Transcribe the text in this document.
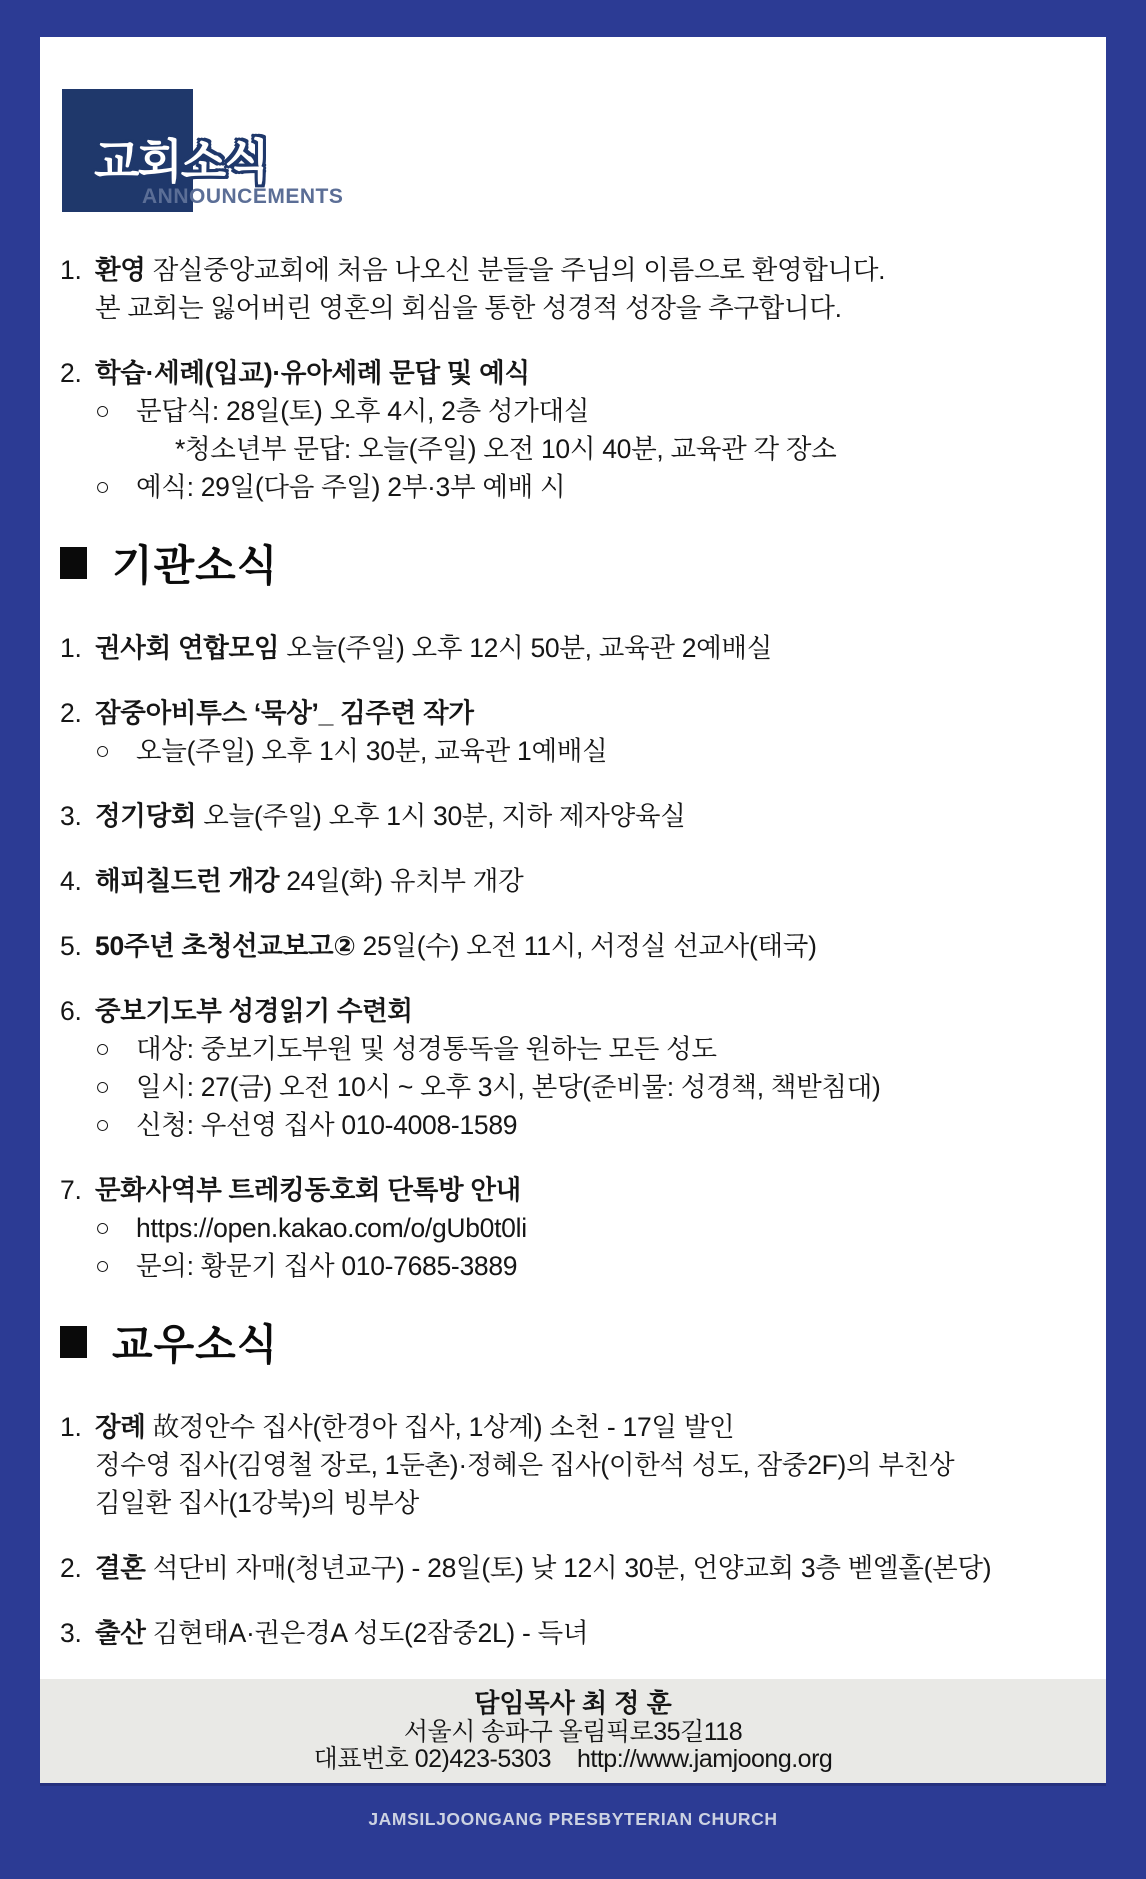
교회소식
ANNOUNCEMENTS
1. 환영 잠실중앙교회에 처음 나오신 분들을 주님의 이름으로 환영합니다.
본 교회는 잃어버린 영혼의 회심을 통한 성경적 성장을 추구합니다.
2. 학습·세례(입교)·유아세례 문답 및 예식
○ 문답식: 28일(토) 오후 4시, 2층 성가대실
*청소년부 문답: 오늘(주일) 오전 10시 40분, 교육관 각 장소
○ 예식: 29일(다음 주일) 2부·3부 예배 시
기관소식
1. 권사회 연합모임 오늘(주일) 오후 12시 50분, 교육관 2예배실
2. 잠중아비투스 ‘묵상’_ 김주련 작가
○ 오늘(주일) 오후 1시 30분, 교육관 1예배실
3. 정기당회 오늘(주일) 오후 1시 30분, 지하 제자양육실
4. 해피칠드런 개강 24일(화) 유치부 개강
5. 50주년 초청선교보고② 25일(수) 오전 11시, 서정실 선교사(태국)
6. 중보기도부 성경읽기 수련회
○ 대상: 중보기도부원 및 성경통독을 원하는 모든 성도
○ 일시: 27(금) 오전 10시 ~ 오후 3시, 본당(준비물: 성경책, 책받침대)
○ 신청: 우선영 집사 010-4008-1589
7. 문화사역부 트레킹동호회 단톡방 안내
○ https://open.kakao.com/o/gUb0t0li
○ 문의: 황문기 집사 010-7685-3889
교우소식
1. 장례 故정안수 집사(한경아 집사, 1상계) 소천 - 17일 발인
정수영 집사(김영철 장로, 1둔촌)·정혜은 집사(이한석 성도, 잠중2F)의 부친상
김일환 집사(1강북)의 빙부상
2. 결혼 석단비 자매(청년교구) - 28일(토) 낮 12시 30분, 언양교회 3층 벧엘홀(본당)
3. 출산 김현태A·권은경A 성도(2잠중2L) - 득녀
담임목사 최 정 훈
서울시 송파구 올림픽로35길118
대표번호 02)423-5303 http://www.jamjoong.org
JAMSILJOONGANG PRESBYTERIAN CHURCH
